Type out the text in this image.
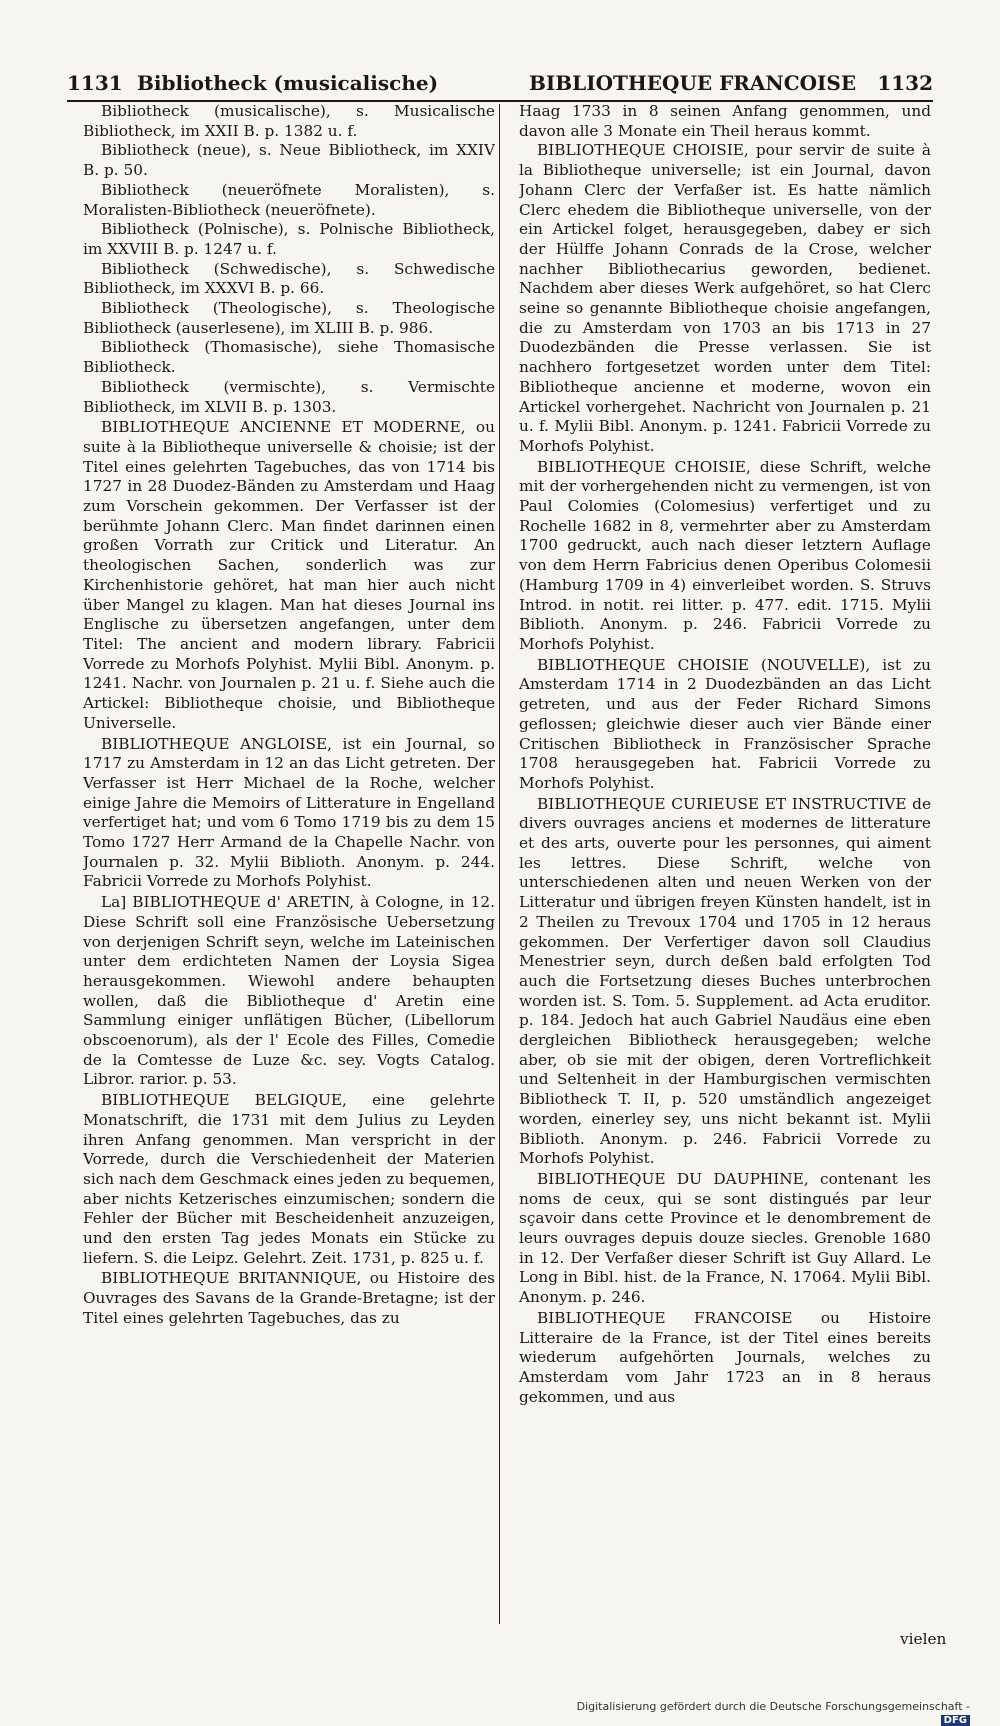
1131 Bibliotheck (musicalische)	BIBLIOTHEQUE FRANCOISE 1132

Bibliotheck (musicalische), s. Musicalische Bibliotheck, im XXII B. p. 1382 u. f.

Bibliotheck (neue), s. Neue Bibliotheck, im XXIV B. p. 50.

Bibliotheck (neueröfnete Moralisten), s. Moralisten-Bibliotheck (neueröfnete).

Bibliotheck (Polnische), s. Polnische Bibliotheck, im XXVIII B. p. 1247 u. f.

Bibliotheck (Schwedische), s. Schwedische Bibliotheck, im XXXVI B. p. 66.

Bibliotheck (Theologische), s. Theologische Bibliotheck (auserlesene), im XLIII B. p. 986.

Bibliotheck (Thomasische), siehe Thomasische Bibliotheck.

Bibliotheck (vermischte), s. Vermischte Bibliotheck, im XLVII B. p. 1303.

BIBLIOTHEQUE ANCIENNE ET MODERNE, ou suite à la Bibliotheque universelle & choisie; ist der Titel eines gelehrten Tagebuches, das von 1714 bis 1727 in 28 Duodez-Bänden zu Amsterdam und Haag zum Vorschein gekommen. Der Verfasser ist der berühmte Johann Clerc. Man findet darinnen einen großen Vorrath zur Critick und Literatur. An theologischen Sachen, sonderlich was zur Kirchenhistorie gehöret, hat man hier auch nicht über Mangel zu klagen. Man hat dieses Journal ins Englische zu übersetzen angefangen, unter dem Titel: The ancient and modern library. Fabricii Vorrede zu Morhofs Polyhist. Mylii Bibl. Anonym. p. 1241. Nachr. von Journalen p. 21 u. f. Siehe auch die Artickel: Bibliotheque choisie, und Bibliotheque Universelle.

BIBLIOTHEQUE ANGLOISE, ist ein Journal, so 1717 zu Amsterdam in 12 an das Licht getreten. Der Verfasser ist Herr Michael de la Roche, welcher einige Jahre die Memoirs of Litterature in Engelland verfertiget hat; und vom 6 Tomo 1719 bis zu dem 15 Tomo 1727 Herr Armand de la Chapelle Nachr. von Journalen p. 32. Mylii Biblioth. Anonym. p. 244. Fabricii Vorrede zu Morhofs Polyhist.

La] BIBLIOTHEQUE d' ARETIN, à Cologne, in 12. Diese Schrift soll eine Französische Uebersetzung von derjenigen Schrift seyn, welche im Lateinischen unter dem erdichteten Namen der Loysia Sigea herausgekommen. Wiewohl andere behaupten wollen, daß die Bibliotheque d' Aretin eine Sammlung einiger unflätigen Bücher, (Libellorum obscoenorum), als der l' Ecole des Filles, Comedie de la Comtesse de Luze &c. sey. Vogts Catalog. Libror. rarior. p. 53.

BIBLIOTHEQUE BELGIQUE, eine gelehrte Monatschrift, die 1731 mit dem Julius zu Leyden ihren Anfang genommen. Man verspricht in der Vorrede, durch die Verschiedenheit der Materien sich nach dem Geschmack eines jeden zu bequemen, aber nichts Ketzerisches einzumischen; sondern die Fehler der Bücher mit Bescheidenheit anzuzeigen, und den ersten Tag jedes Monats ein Stücke zu liefern. S. die Leipz. Gelehrt. Zeit. 1731, p. 825 u. f.

BIBLIOTHEQUE BRITANNIQUE, ou Histoire des Ouvrages des Savans de la Grande-Bretagne; ist der Titel eines gelehrten Tagebuches, das zu

Haag 1733 in 8 seinen Anfang genommen, und davon alle 3 Monate ein Theil heraus kommt.

BIBLIOTHEQUE CHOISIE, pour servir de suite à la Bibliotheque universelle; ist ein Journal, davon Johann Clerc der Verfaßer ist. Es hatte nämlich Clerc ehedem die Bibliotheque universelle, von der ein Artickel folget, herausgegeben, dabey er sich der Hülffe Johann Conrads de la Crose, welcher nachher Bibliothecarius geworden, bedienet. Nachdem aber dieses Werk aufgehöret, so hat Clerc seine so genannte Bibliotheque choisie angefangen, die zu Amsterdam von 1703 an bis 1713 in 27 Duodezbänden die Presse verlassen. Sie ist nachhero fortgesetzet worden unter dem Titel: Bibliotheque ancienne et moderne, wovon ein Artickel vorhergehet. Nachricht von Journalen p. 21 u. f. Mylii Bibl. Anonym. p. 1241. Fabricii Vorrede zu Morhofs Polyhist.

BIBLIOTHEQUE CHOISIE, diese Schrift, welche mit der vorhergehenden nicht zu vermengen, ist von Paul Colomies (Colomesius) verfertiget und zu Rochelle 1682 in 8, vermehrter aber zu Amsterdam 1700 gedruckt, auch nach dieser letztern Auflage von dem Herrn Fabricius denen Operibus Colomesii (Hamburg 1709 in 4) einverleibet worden. S. Struvs Introd. in notit. rei litter. p. 477. edit. 1715. Mylii Biblioth. Anonym. p. 246. Fabricii Vorrede zu Morhofs Polyhist.

BIBLIOTHEQUE CHOISIE (NOUVELLE), ist zu Amsterdam 1714 in 2 Duodezbänden an das Licht getreten, und aus der Feder Richard Simons geflossen; gleichwie dieser auch vier Bände einer Critischen Bibliotheck in Französischer Sprache 1708 herausgegeben hat. Fabricii Vorrede zu Morhofs Polyhist.

BIBLIOTHEQUE CURIEUSE ET INSTRUCTIVE de divers ouvrages anciens et modernes de litterature et des arts, ouverte pour les personnes, qui aiment les lettres. Diese Schrift, welche von unterschiedenen alten und neuen Werken von der Litteratur und übrigen freyen Künsten handelt, ist in 2 Theilen zu Trevoux 1704 und 1705 in 12 heraus gekommen. Der Verfertiger davon soll Claudius Menestrier seyn, durch deßen bald erfolgten Tod auch die Fortsetzung dieses Buches unterbrochen worden ist. S. Tom. 5. Supplement. ad Acta eruditor. p. 184. Jedoch hat auch Gabriel Naudäus eine eben dergleichen Bibliotheck herausgegeben; welche aber, ob sie mit der obigen, deren Vortreflichkeit und Seltenheit in der Hamburgischen vermischten Bibliotheck T. II, p. 520 umständlich angezeiget worden, einerley sey, uns nicht bekannt ist. Mylii Biblioth. Anonym. p. 246. Fabricii Vorrede zu Morhofs Polyhist.

BIBLIOTHEQUE DU DAUPHINE, contenant les noms de ceux, qui se sont distingués par leur sçavoir dans cette Province et le denombrement de leurs ouvrages depuis douze siecles. Grenoble 1680 in 12. Der Verfaßer dieser Schrift ist Guy Allard. Le Long in Bibl. hist. de la France, N. 17064. Mylii Bibl. Anonym. p. 246.

BIBLIOTHEQUE FRANCOISE ou Histoire Litteraire de la France, ist der Titel eines bereits wiederum aufgehörten Journals, welches zu Amsterdam vom Jahr 1723 an in 8 heraus gekommen, und aus

vielen
Digitalisierung gefördert durch die Deutsche Forschungsgemeinschaft - DFG
